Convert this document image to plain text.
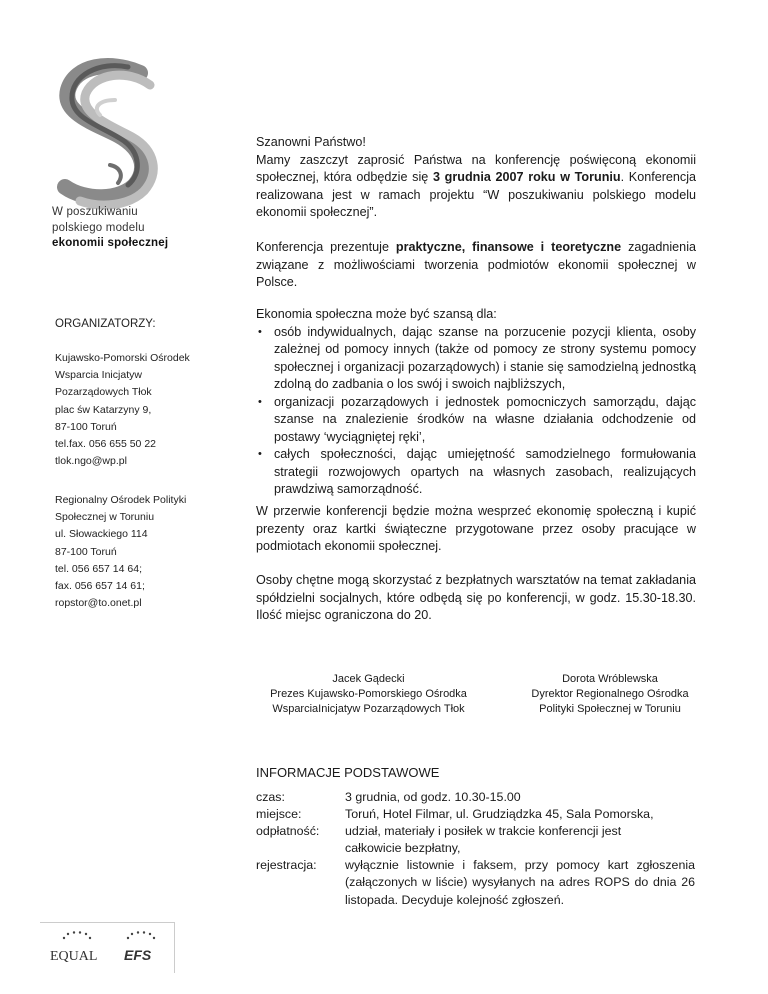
W poszukiwaniu
polskiego modelu
ekonomii społecznej
ORGANIZATORZY:
Kujawsko-Pomorski Ośrodek
Wsparcia Inicjatyw
Pozarządowych Tłok
plac św Katarzyny 9,
87-100 Toruń
tel.fax. 056 655 50 22
tlok.ngo@wp.pl
Regionalny Ośrodek Polityki
Społecznej w Toruniu
ul. Słowackiego 114
87-100 Toruń
tel. 056 657 14 64;
fax. 056 657 14 61;
ropstor@to.onet.pl

Szanowni Państwo!

Mamy zaszczyt zaprosić Państwa na konferencję poświęconą ekonomii społecznej, która odbędzie się 3 grudnia 2007 roku w Toruniu. Konferencja realizowana jest w ramach projektu “W poszukiwaniu polskiego modelu ekonomii społecznej”.

Konferencja prezentuje praktyczne, finansowe i teoretyczne zagadnienia związane z możliwościami tworzenia podmiotów ekonomii społecznej w Polsce.

Ekonomia społeczna może być szansą dla:

• osób indywidualnych, dając szanse na porzucenie pozycji klienta, osoby zależnej od pomocy innych (także od pomocy ze strony systemu pomocy społecznej i organizacji pozarządowych) i stanie się samodzielną jednostką zdolną do zadbania o los swój i swoich najbliższych,
• organizacji pozarządowych i jednostek pomocniczych samorządu, dając szanse na znalezienie środków na własne działania odchodzenie od postawy ‘wyciągniętej ręki’,
• całych społeczności, dając umiejętność samodzielnego formułowania strategii rozwojowych opartych na własnych zasobach, realizujących prawdziwą samorządność.

W przerwie konferencji będzie można wesprzeć ekonomię społeczną i kupić prezenty oraz kartki świąteczne przygotowane przez osoby pracujące w podmiotach ekonomii społecznej.

Osoby chętne mogą skorzystać z bezpłatnych warsztatów na temat zakładania spółdzielni socjalnych, które odbędą się po konferencji, w godz. 15.30-18.30. Ilość miejsc ograniczona do 20.

Jacek Gądecki
Prezes Kujawsko-Pomorskiego Ośrodka
WsparciaInicjatyw Pozarządowych Tłok
Dorota Wróblewska
Dyrektor Regionalnego Ośrodka
Polityki Społecznej w Toruniu
INFORMACJE PODSTAWOWE
czas:	3 grudnia, od godz. 10.30-15.00
miejsce:	Toruń, Hotel Filmar, ul. Grudziądzka 45, Sala Pomorska,
odpłatność:	udział, materiały i posiłek w trakcie konferencji jest
całkowicie bezpłatny,
rejestracja:	wyłącznie listownie i faksem, przy pomocy kart zgłoszenia (załączonych w liście) wysyłanych na adres ROPS do dnia 26 listopada. Decyduje kolejność zgłoszeń.
EQUAL EFS
